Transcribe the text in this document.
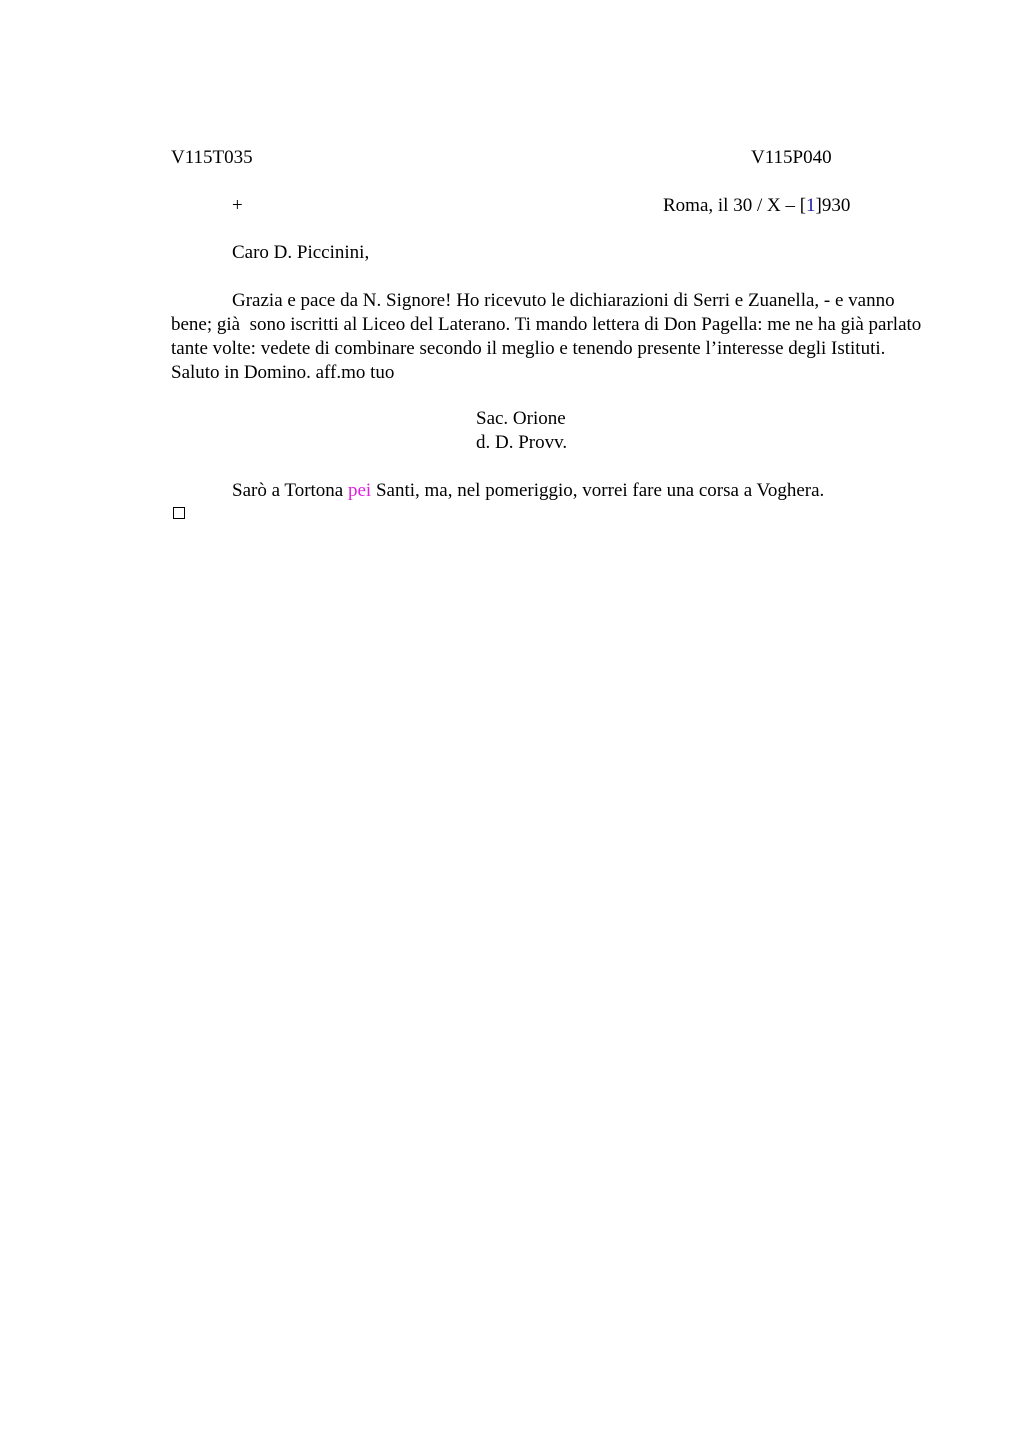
V115T035	V115P040
+	Roma, il 30 / X – [1]930
Caro D. Piccinini,
Grazia e pace da N. Signore! Ho ricevuto le dichiarazioni di Serri e Zuanella, - e vanno bene; già  sono iscritti al Liceo del Laterano. Ti mando lettera di Don Pagella: me ne ha già parlato tante volte: vedete di combinare secondo il meglio e tenendo presente l’interesse degli Istituti. Saluto in Domino. aff.mo tuo
Sac. Orione
d. D. Provv.
Sarò a Tortona pei Santi, ma, nel pomeriggio, vorrei fare una corsa a Voghera.
